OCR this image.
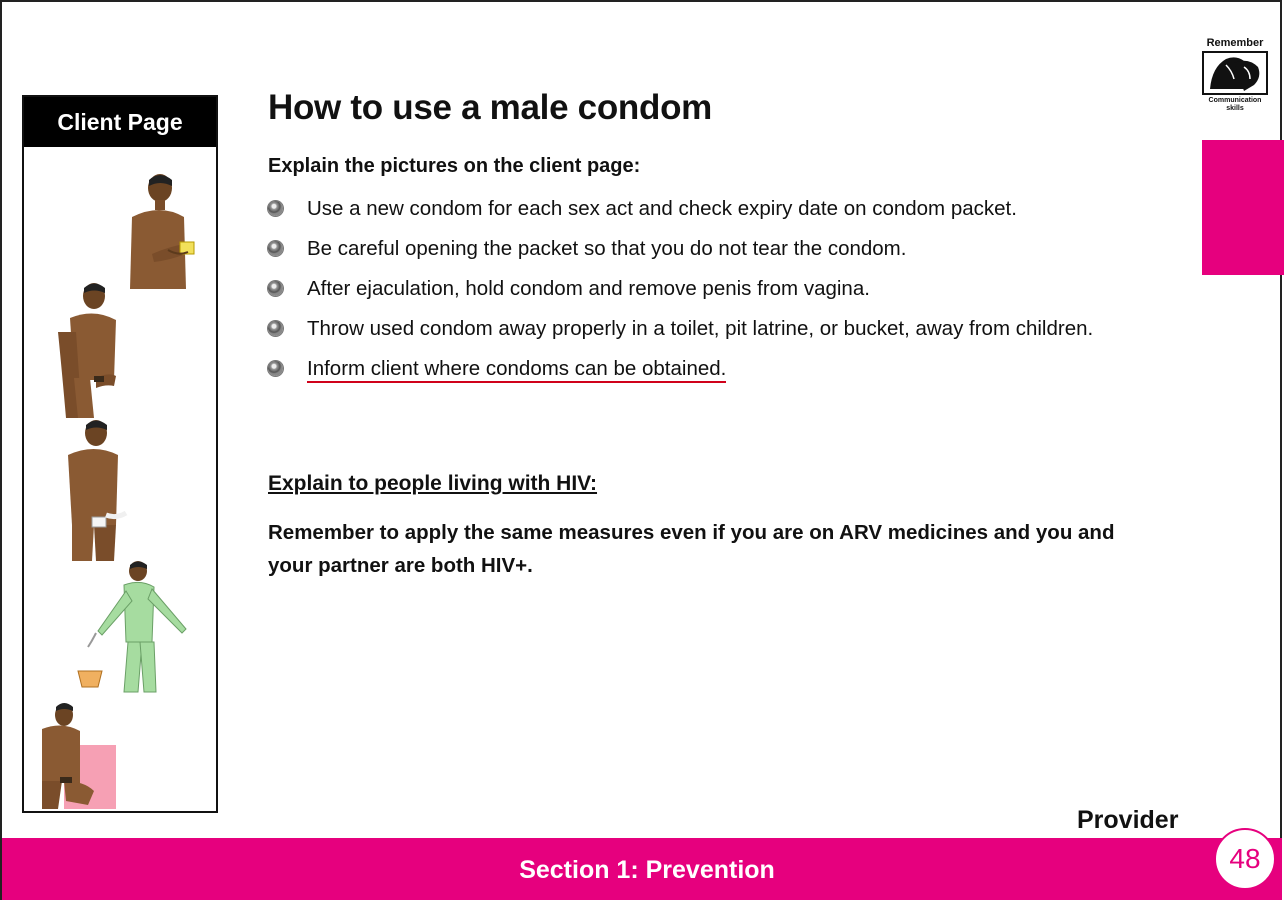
Client Page
Remember
Communication skills
How to use a male condom
Explain the pictures on the client page:
Use a new condom for each sex act and check expiry date on condom packet.
Be careful opening the packet so that you do not tear the condom.
After ejaculation, hold condom and remove penis from vagina.
Throw used condom away properly in a toilet, pit latrine, or bucket, away from children.
Inform client where condoms can be obtained.
Explain to people living with HIV:
Remember to apply the same measures even if you are on ARV medicines and you and your partner are both HIV+.
Provider
Section 1: Prevention	48
